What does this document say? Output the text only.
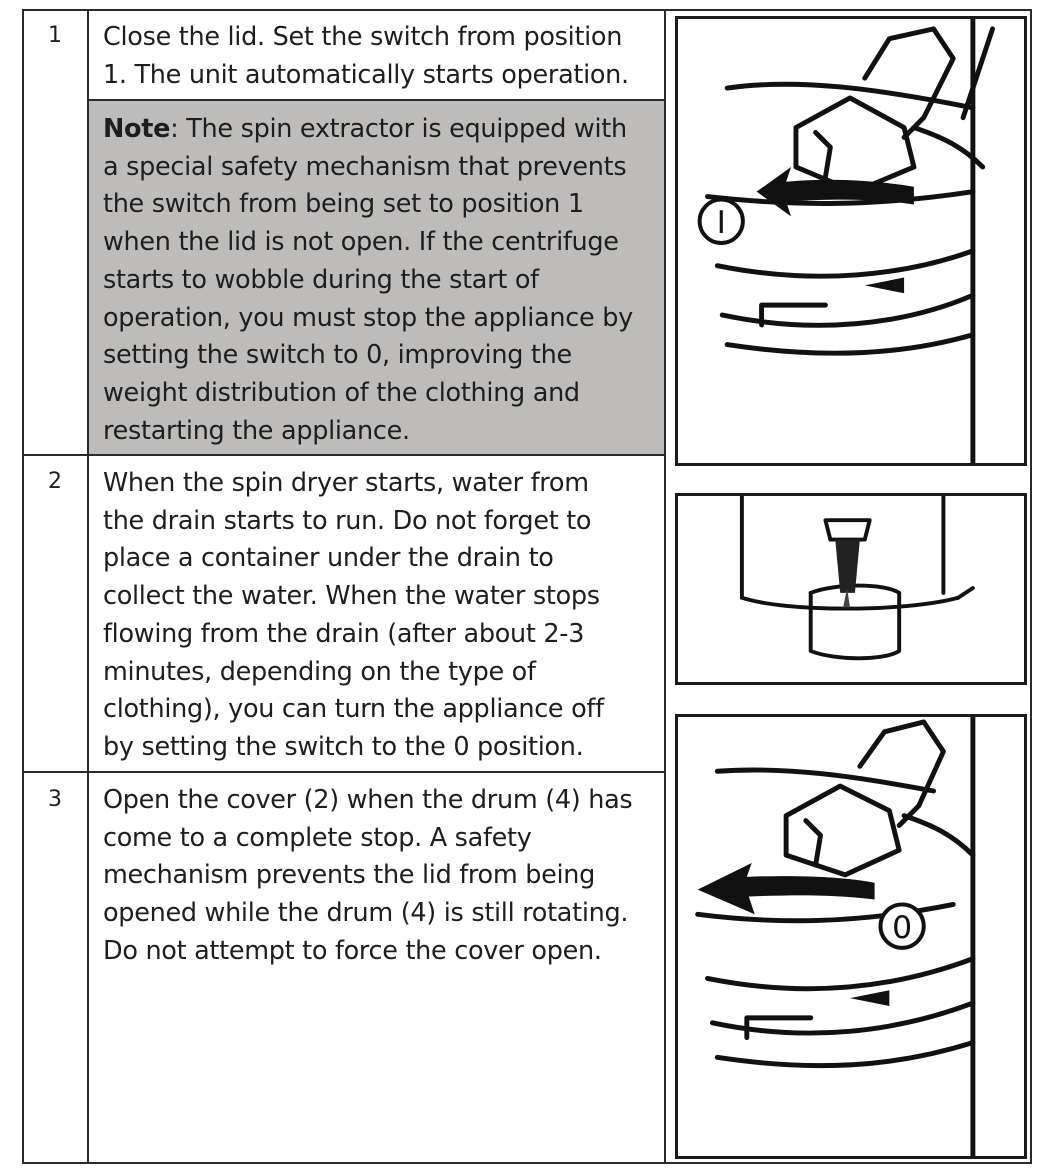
1	Close the lid. Set the switch from position
1. The unit automatically starts operation.
Note: The spin extractor is equipped with a special safety mechanism that prevents the switch from being set to position 1 when the lid is not open. If the centrifuge starts to wobble during the start of operation, you must stop the appliance by setting the switch to 0, improving the weight distribution of the clothing and restarting the appliance.
2	When the spin dryer starts, water from the drain starts to run. Do not forget to place a container under the drain to collect the water. When the water stops flowing from the drain (after about 2-3 minutes, depending on the type of clothing), you can turn the appliance off by setting the switch to the 0 position.
3	Open the cover (2) when the drum (4) has come to a complete stop. A safety mechanism prevents the lid from being opened while the drum (4) is still rotating. Do not attempt to force the cover open.
I
0
